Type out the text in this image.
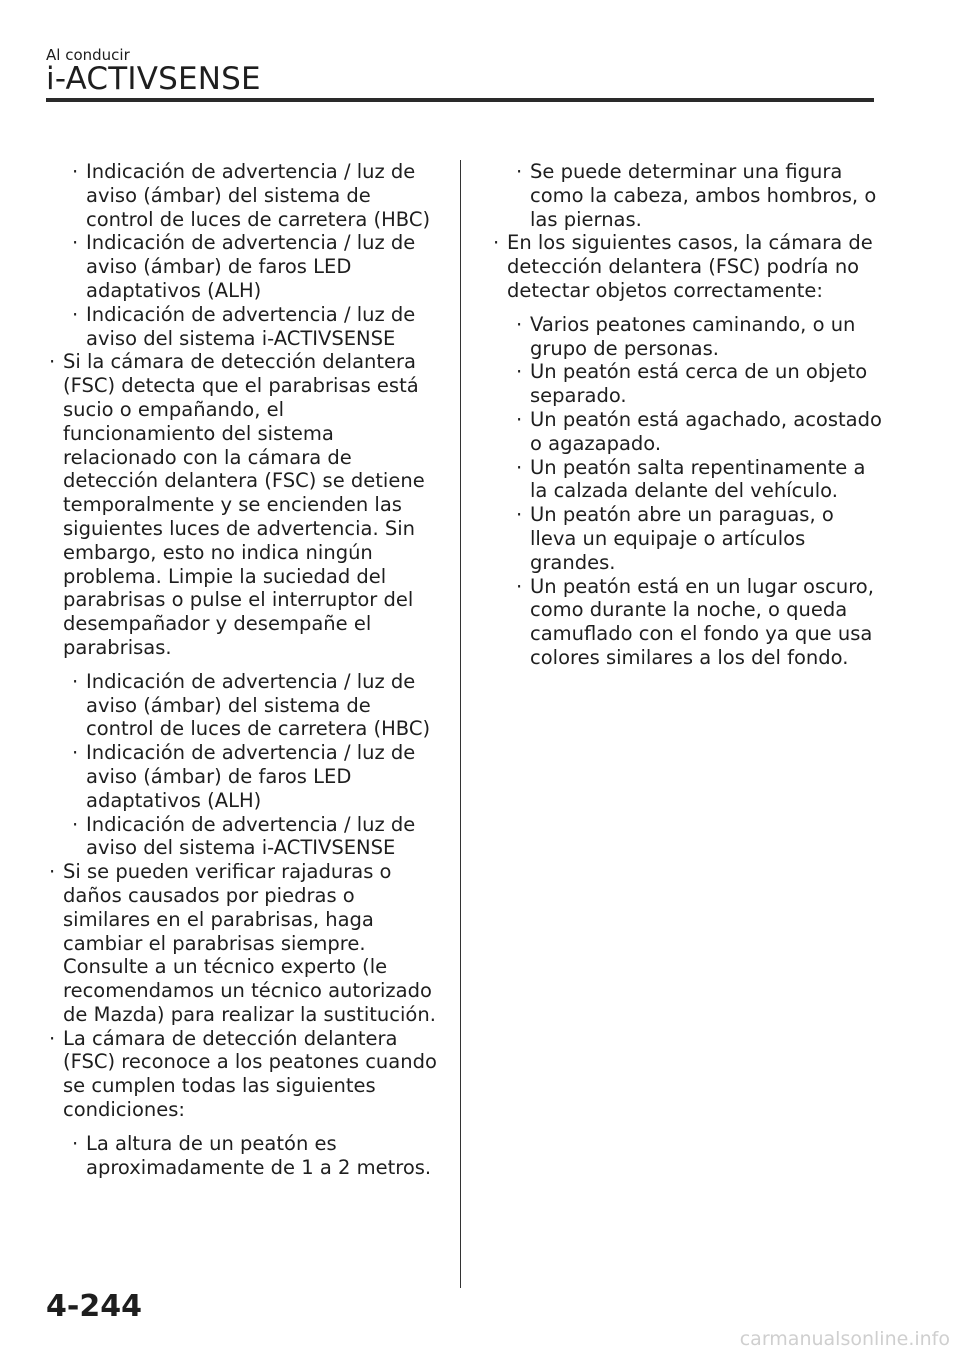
Al conducir
i-ACTIVSENSE
· Indicación de advertencia / luz de aviso (ámbar) del sistema de control de luces de carretera (HBC)
· Indicación de advertencia / luz de aviso (ámbar) de faros LED adaptativos (ALH)
· Indicación de advertencia / luz de aviso del sistema i-ACTIVSENSE
· Si la cámara de detección delantera (FSC) detecta que el parabrisas está sucio o empañando, el funcionamiento del sistema relacionado con la cámara de detección delantera (FSC) se detiene temporalmente y se encienden las siguientes luces de advertencia. Sin embargo, esto no indica ningún problema. Limpie la suciedad del parabrisas o pulse el interruptor del desempañador y desempañe el parabrisas.
· Indicación de advertencia / luz de aviso (ámbar) del sistema de control de luces de carretera (HBC)
· Indicación de advertencia / luz de aviso (ámbar) de faros LED adaptativos (ALH)
· Indicación de advertencia / luz de aviso del sistema i-ACTIVSENSE
· Si se pueden verificar rajaduras o daños causados por piedras o similares en el parabrisas, haga cambiar el parabrisas siempre. Consulte a un técnico experto (le recomendamos un técnico autorizado de Mazda) para realizar la sustitución.
· La cámara de detección delantera (FSC) reconoce a los peatones cuando se cumplen todas las siguientes condiciones:
· La altura de un peatón es aproximadamente de 1 a 2 metros.
· Se puede determinar una figura como la cabeza, ambos hombros, o las piernas.
· En los siguientes casos, la cámara de detección delantera (FSC) podría no detectar objetos correctamente:
· Varios peatones caminando, o un grupo de personas.
· Un peatón está cerca de un objeto separado.
· Un peatón está agachado, acostado o agazapado.
· Un peatón salta repentinamente a la calzada delante del vehículo.
· Un peatón abre un paraguas, o lleva un equipaje o artículos grandes.
· Un peatón está en un lugar oscuro, como durante la noche, o queda camuflado con el fondo ya que usa colores similares a los del fondo.
4-244
carmanualsonline.info
